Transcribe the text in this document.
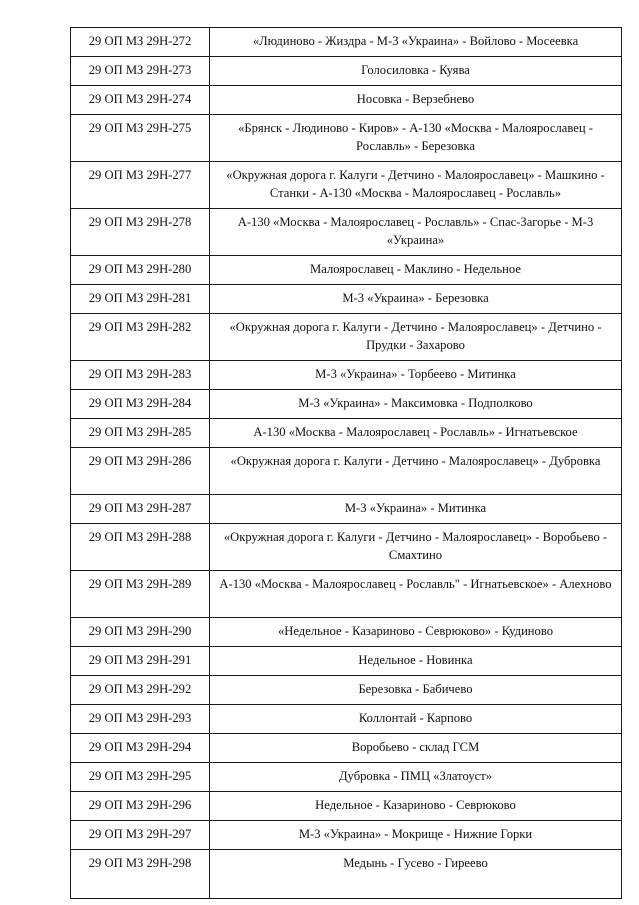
29 ОП МЗ 29Н-272	«Людиново - Жиздра - М-3 «Украина» - Войлово - Мосеевка
29 ОП МЗ 29Н-273	Голосиловка - Куява
29 ОП МЗ 29Н-274	Носовка - Верзебнево
29 ОП МЗ 29Н-275	«Брянск - Людиново - Киров» - А-130 «Москва - Малоярославец - Рославль» - Березовка
29 ОП МЗ 29Н-277	«Окружная дорога г. Калуги - Детчино - Малоярославец» - Машкино - Станки - А-130 «Москва - Малоярославец - Рославль»
29 ОП МЗ 29Н-278	А-130 «Москва - Малоярославец - Рославль» - Спас-Загорье - М-3 «Украина»
29 ОП МЗ 29Н-280	Малоярославец - Маклино - Недельное
29 ОП МЗ 29Н-281	М-3 «Украина» - Березовка
29 ОП МЗ 29Н-282	«Окружная дорога г. Калуги - Детчино - Малоярославец» - Детчино - Прудки - Захарово
29 ОП МЗ 29Н-283	М-3 «Украина» - Торбеево - Митинка
29 ОП МЗ 29Н-284	М-3 «Украина» - Максимовка - Подполково
29 ОП МЗ 29Н-285	А-130 «Москва - Малоярославец - Рославль» - Игнатьевское
29 ОП МЗ 29Н-286	«Окружная дорога г. Калуги - Детчино - Малоярославец» - Дубровка
29 ОП МЗ 29Н-287	М-3 «Украина» - Митинка
29 ОП МЗ 29Н-288	«Окружная дорога г. Калуги - Детчино - Малоярославец» - Воробьево - Смахтино
29 ОП МЗ 29Н-289	А-130 «Москва - Малоярославец - Рославль" - Игнатьевское» - Алехново
29 ОП МЗ 29Н-290	«Недельное - Казариново - Севрюково» - Кудиново
29 ОП МЗ 29Н-291	Недельное - Новинка
29 ОП МЗ 29Н-292	Березовка - Бабичево
29 ОП МЗ 29Н-293	Коллонтай - Карпово
29 ОП МЗ 29Н-294	Воробьево - склад ГСМ
29 ОП МЗ 29Н-295	Дубровка - ПМЦ «Златоуст»
29 ОП МЗ 29Н-296	Недельное - Казариново - Севрюково
29 ОП МЗ 29Н-297	М-3 «Украина» - Мокрище - Нижние Горки
29 ОП МЗ 29Н-298	Медынь - Гусево - Гиреево
